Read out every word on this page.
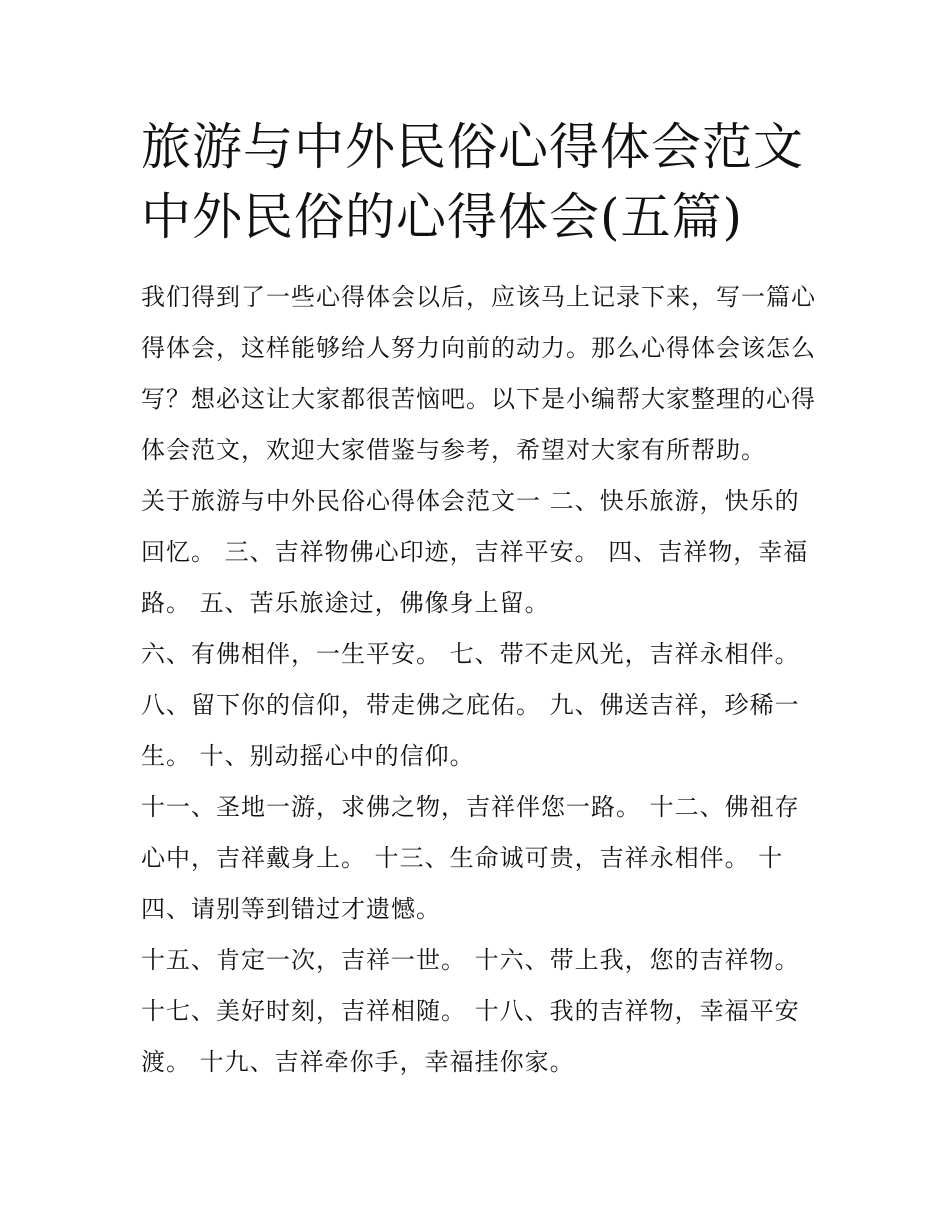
旅游与中外民俗心得体会范文
中外民俗的心得体会(五篇)

我们得到了一些心得体会以后，应该马上记录下来，写一篇心得体会，这样能够给人努力向前的动力。那么心得体会该怎么写？想必这让大家都很苦恼吧。以下是小编帮大家整理的心得体会范文，欢迎大家借鉴与参考，希望对大家有所帮助。

关于旅游与中外民俗心得体会范文一 二、快乐旅游，快乐的回忆。 三、吉祥物佛心印迹，吉祥平安。 四、吉祥物，幸福路。 五、苦乐旅途过，佛像身上留。

六、有佛相伴，一生平安。 七、带不走风光，吉祥永相伴。 八、留下你的信仰，带走佛之庇佑。 九、佛送吉祥，珍稀一生。 十、别动摇心中的信仰。

十一、圣地一游，求佛之物，吉祥伴您一路。 十二、佛祖存心中，吉祥戴身上。 十三、生命诚可贵，吉祥永相伴。 十四、请别等到错过才遗憾。

十五、肯定一次，吉祥一世。 十六、带上我，您的吉祥物。 十七、美好时刻，吉祥相随。 十八、我的吉祥物，幸福平安渡。 十九、吉祥牵你手，幸福挂你家。
